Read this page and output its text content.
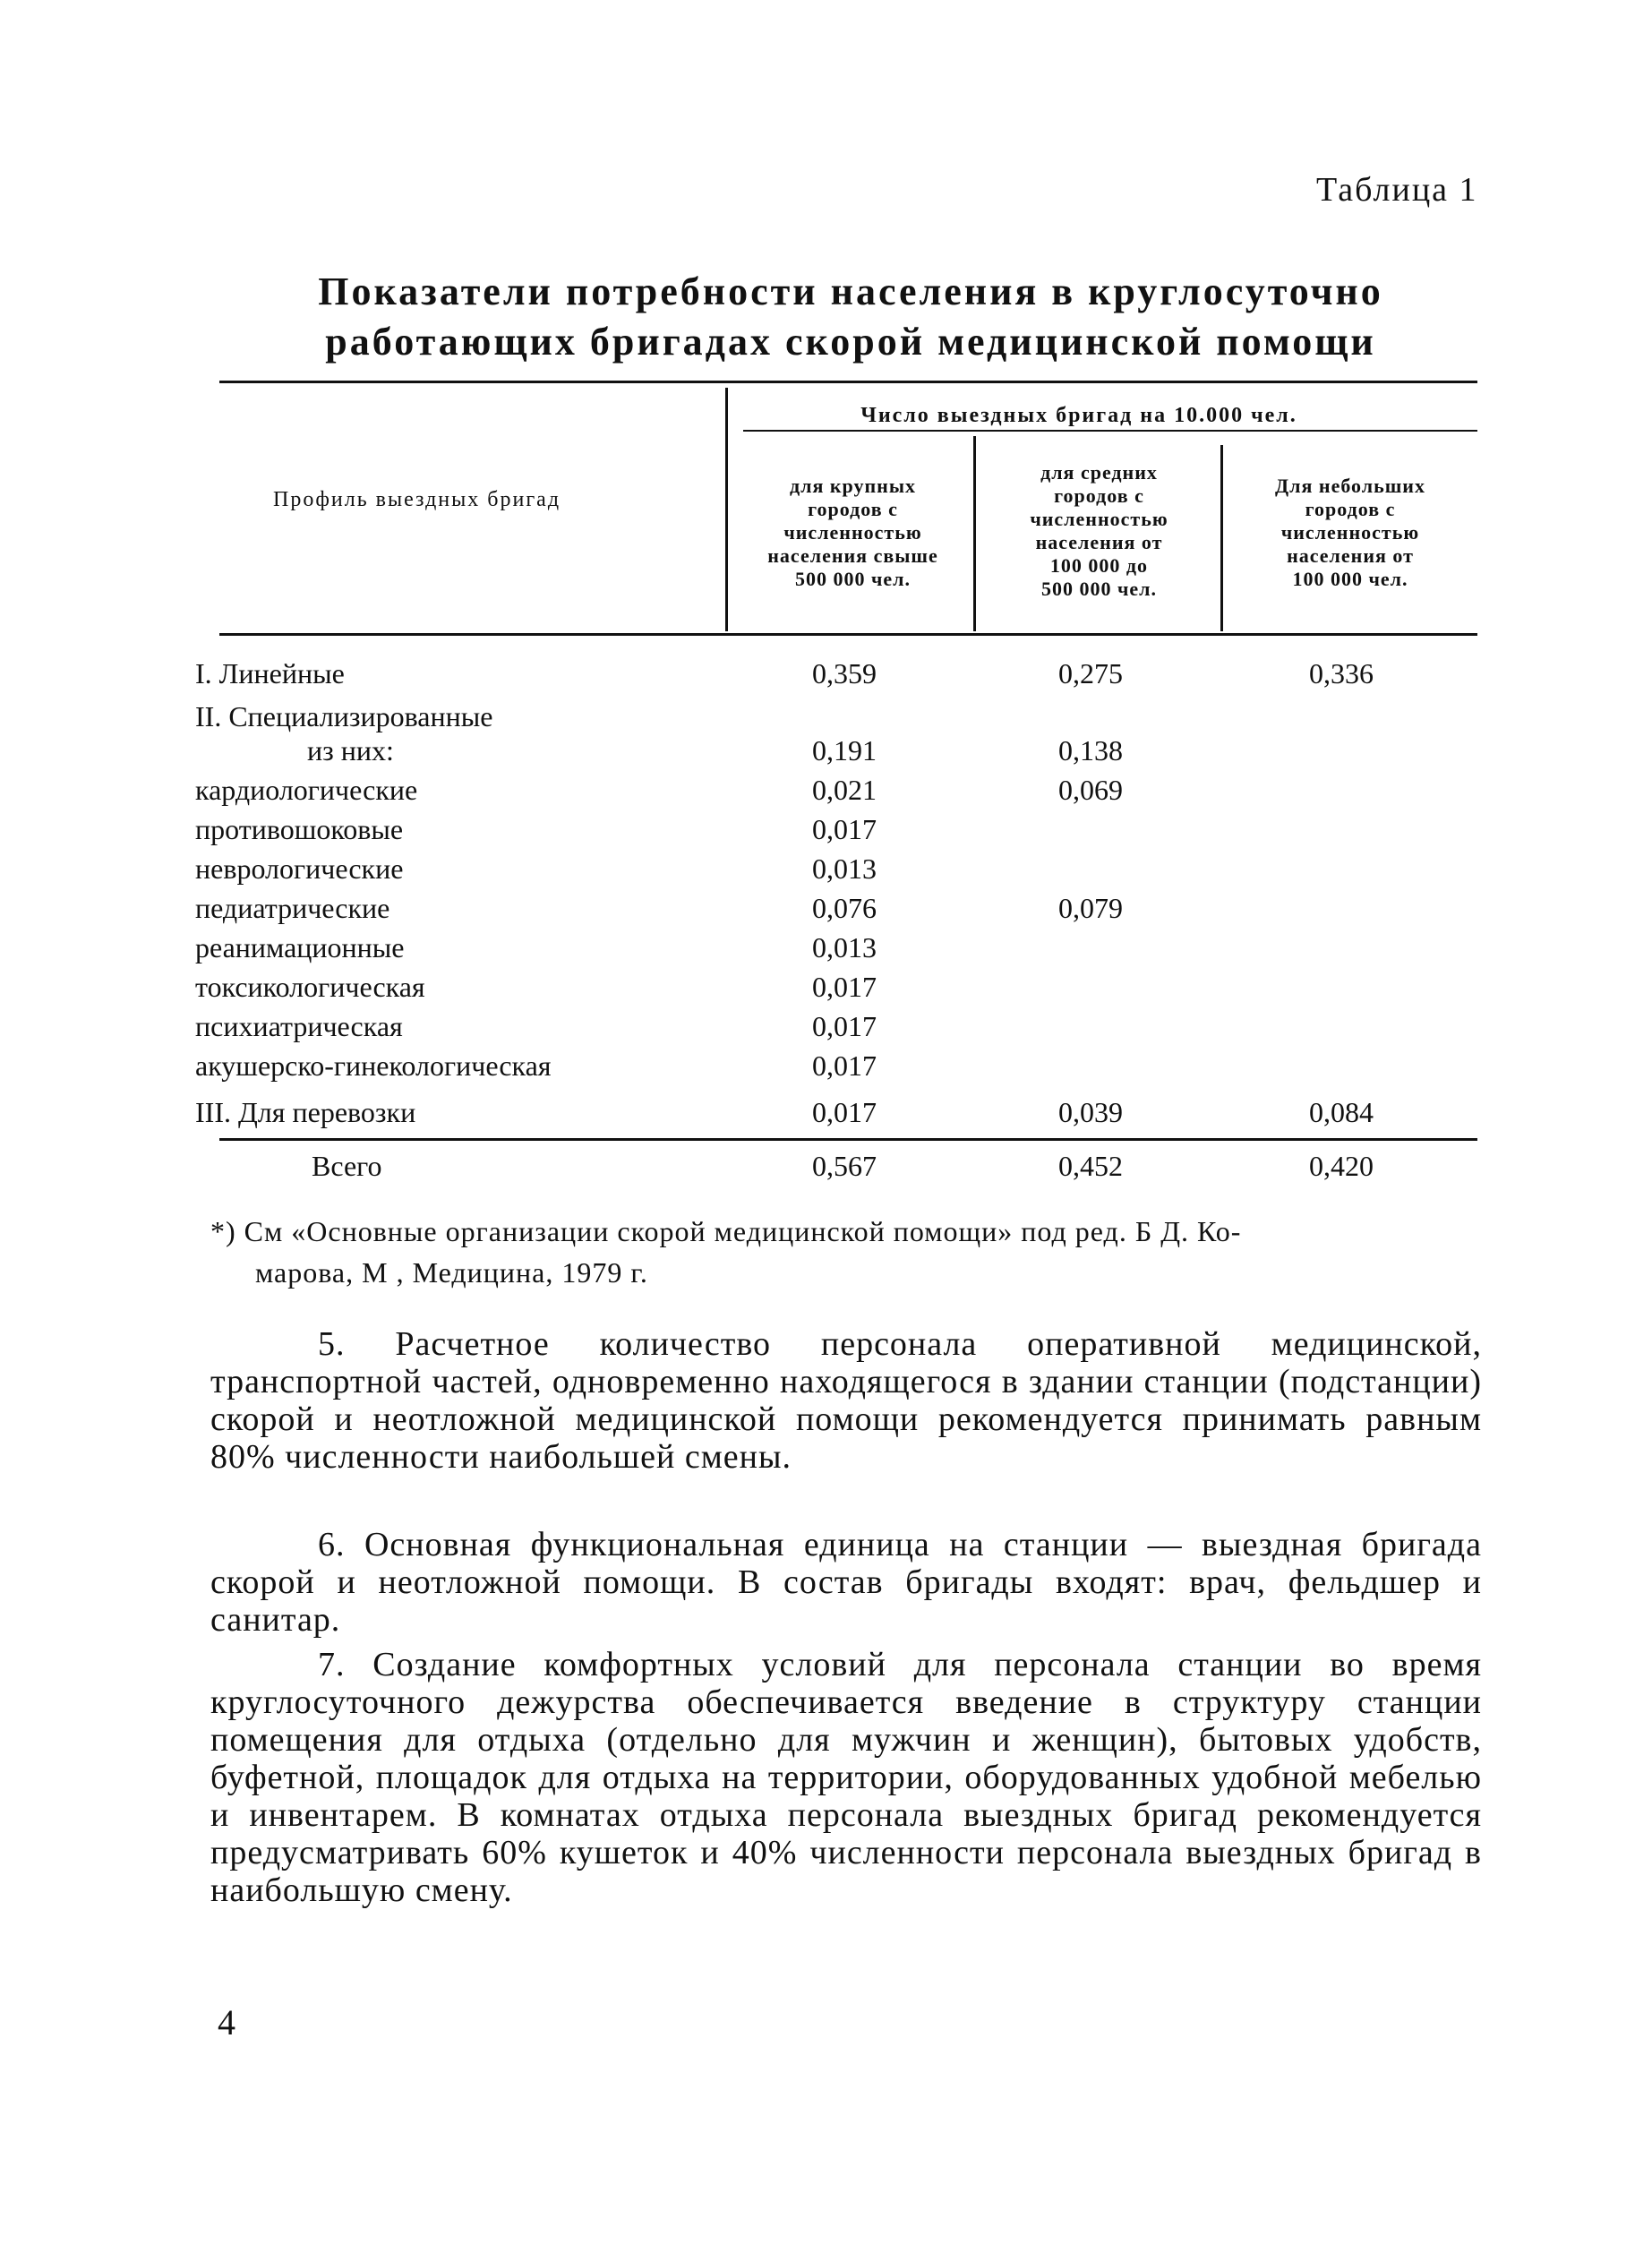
Таблица 1
Показатели потребности населения в круглосуточно
работающих бригадах скорой медицинской помощи
Профиль выездных бригад
Число выездных бригад на 10.000 чел.
для крупных
городов с
численностью
населения свыше
500 000 чел.
для средних
городов с
численностью
населения от
100 000 до
500 000 чел.
Для небольших
городов с
численностью
населения от
100 000 чел.
I. Линейные	0,359	0,275	0,336
II. Специализированные
из них:	0,191	0,138
кардиологические	0,021	0,069
противошоковые	0,017
неврологические	0,013
педиатрические	0,076	0,079
реанимационные	0,013
токсикологическая	0,017
психиатрическая	0,017
акушерско-гинекологическая	0,017
III. Для перевозки	0,017	0,039	0,084
Всего	0,567	0,452	0,420
*) См «Основные организации скорой медицинской помощи» под ред. Б Д. Ко-
марова, М , Медицина, 1979 г.
5. Расчетное количество персонала оперативной медицинской, транспортной частей, одновременно находящегося в здании станции (подстанции) скорой и неотложной медицинской помощи рекомендуется принимать равным 80% численности наибольшей смены.
6. Основная функциональная единица на станции — выездная бригада скорой и неотложной помощи. В состав бригады входят: врач, фельдшер и санитар.
7. Создание комфортных условий для персонала станции во время круглосуточного дежурства обеспечивается введение в структуру станции помещения для отдыха (отдельно для мужчин и женщин), бытовых удобств, буфетной, площадок для отдыха на территории, оборудованных удобной мебелью и инвентарем. В комнатах отдыха персонала выездных бригад рекомендуется предусматривать 60% кушеток и 40% численности персонала выездных бригад в наибольшую смену.
4
